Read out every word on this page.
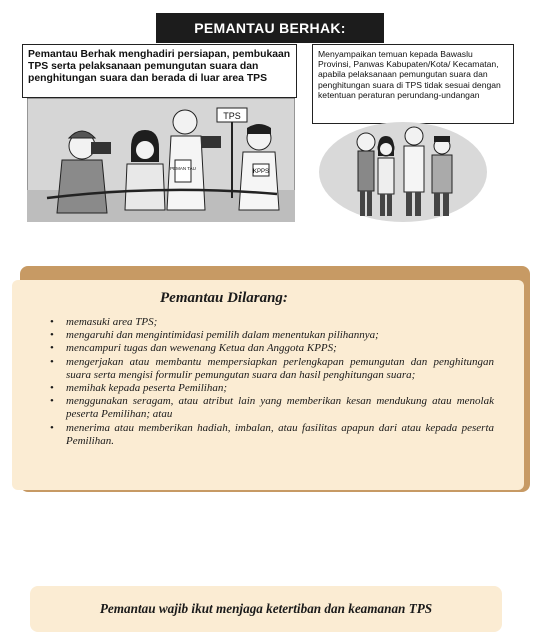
PEMANTAU BERHAK:
Pemantau Berhak menghadiri persiapan, pembukaan TPS serta pelaksanaan pemungutan suara dan penghitungan suara dan berada di luar area TPS
Menyampaikan temuan kepada Bawaslu Provinsi, Panwas Kabupaten/Kota/ Kecamatan, apabila pelaksanaan pemungutan suara dan penghitungan suara di TPS tidak sesuai dengan ketentuan peraturan perundang-undangan
TPS
PEMAN TAU
KPPS
Pemantau Dilarang:
• memasuki area TPS;
• mengaruhi dan mengintimidasi pemilih dalam menentukan pilihannya;
• mencampuri tugas dan wewenang Ketua dan Anggota KPPS;
• mengerjakan atau membantu mempersiapkan perlengkapan pemungutan dan penghitungan suara serta mengisi formulir pemungutan suara dan hasil penghitungan suara;
• memihak kepada peserta Pemilihan;
• menggunakan seragam, atau atribut lain yang memberikan kesan mendukung atau menolak peserta Pemilihan; atau
• menerima atau memberikan hadiah, imbalan, atau fasilitas apapun dari atau kepada peserta Pemilihan.
Pemantau wajib ikut menjaga ketertiban dan keamanan TPS
